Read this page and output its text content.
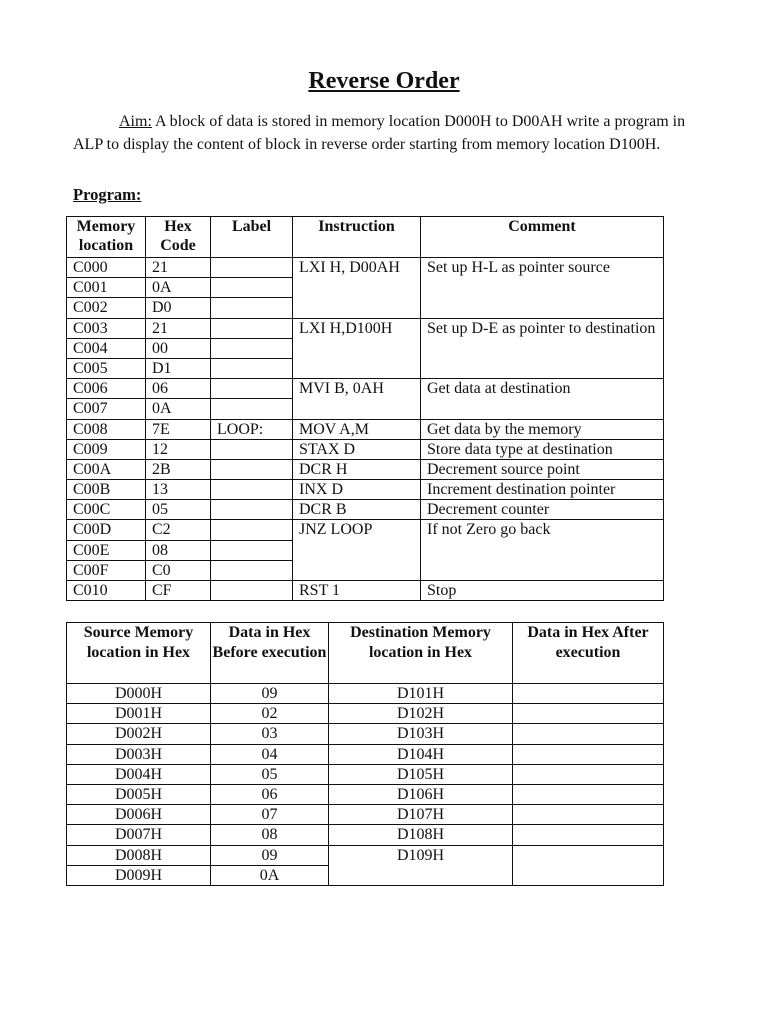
Reverse Order

Aim: A block of data is stored in memory location D000H to D00AH write a program in ALP to display the content of block in reverse order starting from memory location D100H.

Program:

Memory location	Hex Code	Label	Instruction	Comment
C000	21		LXI H, D00AH	Set up H-L as pointer source
C001	0A			
C002	D0			
C003	21		LXI H,D100H	Set up D-E as pointer to destination
C004	00			
C005	D1			
C006	06		MVI B, 0AH	Get data at destination
C007	0A			
C008	7E	LOOP:	MOV A,M	Get data by the memory
C009	12		STAX D	Store data type at destination
C00A	2B		DCR H	Decrement source point
C00B	13		INX D	Increment destination pointer
C00C	05		DCR B	Decrement counter
C00D	C2		JNZ LOOP	If not Zero go back
C00E	08			
C00F	C0			
C010	CF		RST 1	Stop
Source Memory location in Hex	Data in Hex Before execution	Destination Memory location in Hex	Data in Hex After execution
D000H	09	D101H	
D001H	02	D102H	
D002H	03	D103H	
D003H	04	D104H	
D004H	05	D105H	
D005H	06	D106H	
D006H	07	D107H	
D007H	08	D108H	
D008H	09	D109H	
D009H	0A		
